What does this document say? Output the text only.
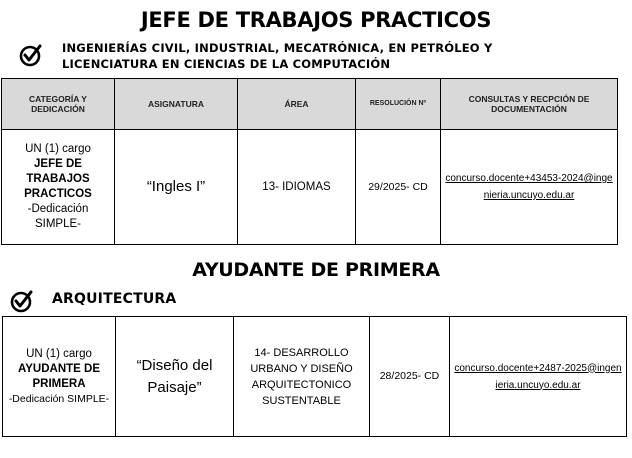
JEFE DE TRABAJOS PRACTICOS
INGENIERÍAS CIVIL, INDUSTRIAL, MECATRÓNICA, EN PETRÓLEO Y
LICENCIATURA EN CIENCIAS DE LA COMPUTACIÓN
CATEGORÍA Y DEDICACIÓN	ASIGNATURA	ÁREA	RESOLUCIÓN Nº	CONSULTAS Y RECPCIÓN DE DOCUMENTACIÓN
UN (1) cargo
JEFE DE TRABAJOS PRACTICOS
-Dedicación SIMPLE-	“Ingles I”	13- IDIOMAS	29/2025- CD	concurso.docente+43453-2024@ingenieria.uncuyo.edu.ar
AYUDANTE DE PRIMERA
ARQUITECTURA
UN (1) cargo
AYUDANTE DE PRIMERA
-Dedicación SIMPLE-	“Diseño del Paisaje”	14- DESARROLLO URBANO Y DISEÑO ARQUITECTONICO SUSTENTABLE	28/2025- CD	concurso.docente+2487-2025@ingenieria.uncuyo.edu.ar
